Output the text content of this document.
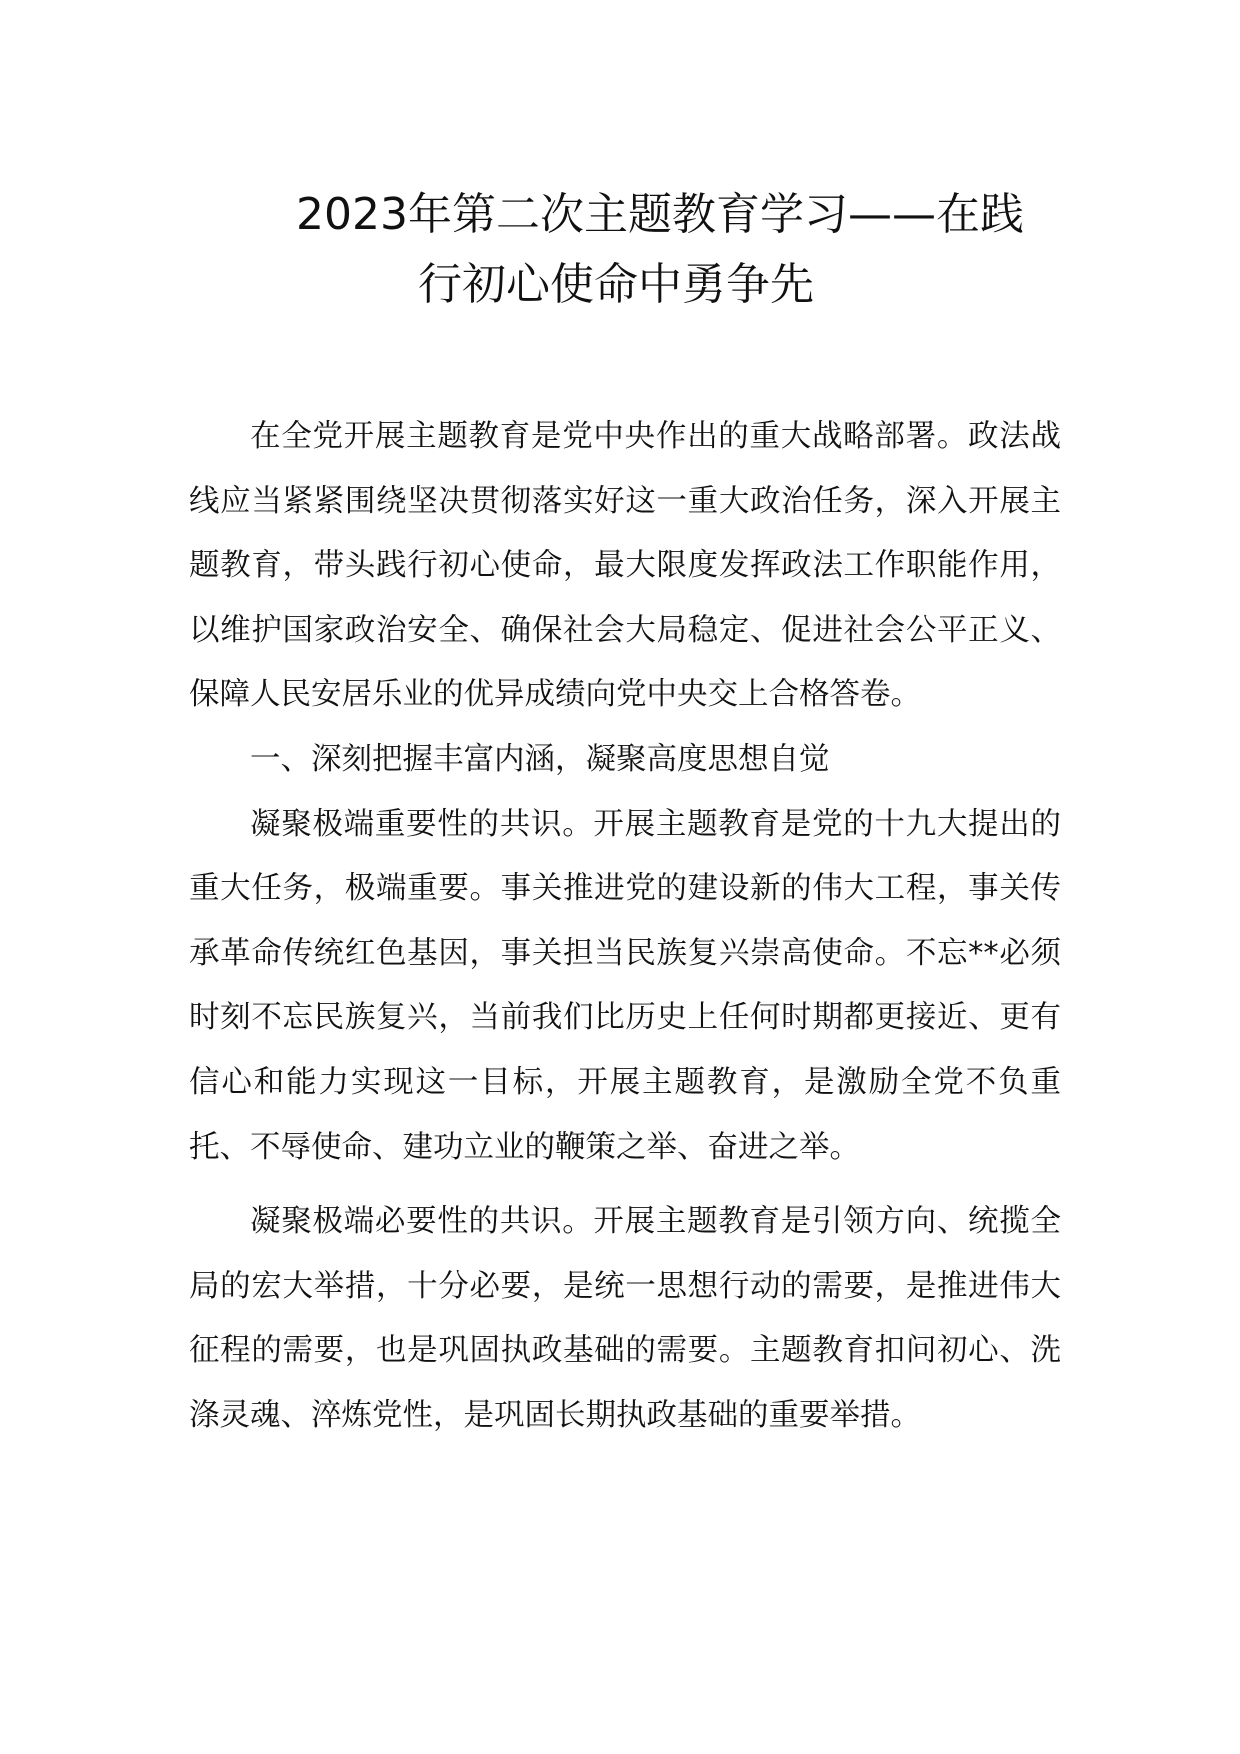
2023年第二次主题教育学习——在践
行初心使命中勇争先

在全党开展主题教育是党中央作出的重大战略部署。政法战线应当紧紧围绕坚决贯彻落实好这一重大政治任务，深入开展主题教育，带头践行初心使命，最大限度发挥政法工作职能作用，以维护国家政治安全、确保社会大局稳定、促进社会公平正义、保障人民安居乐业的优异成绩向党中央交上合格答卷。

一、深刻把握丰富内涵，凝聚高度思想自觉

凝聚极端重要性的共识。开展主题教育是党的十九大提出的重大任务，极端重要。事关推进党的建设新的伟大工程，事关传承革命传统红色基因，事关担当民族复兴崇高使命。不忘**必须时刻不忘民族复兴，当前我们比历史上任何时期都更接近、更有信心和能力实现这一目标，开展主题教育，是激励全党不负重托、不辱使命、建功立业的鞭策之举、奋进之举。

凝聚极端必要性的共识。开展主题教育是引领方向、统揽全局的宏大举措，十分必要，是统一思想行动的需要，是推进伟大征程的需要，也是巩固执政基础的需要。主题教育扣问初心、洗涤灵魂、淬炼党性，是巩固长期执政基础的重要举措。
